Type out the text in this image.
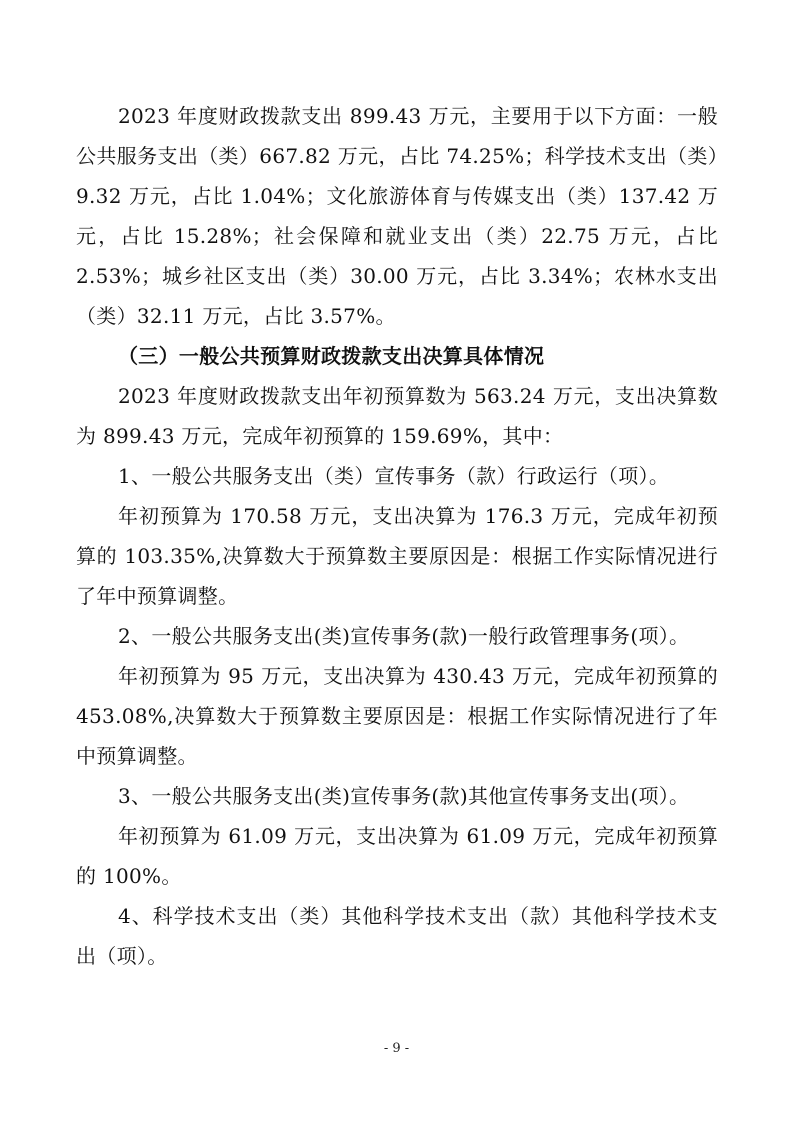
2023 年度财政拨款支出 899.43 万元，主要用于以下方面：一般公共服务支出（类）667.82 万元，占比 74.25%；科学技术支出（类）9.32 万元，占比 1.04%；文化旅游体育与传媒支出（类）137.42 万元，占比 15.28%；社会保障和就业支出（类）22.75 万元，占比 2.53%；城乡社区支出（类）30.00 万元，占比 3.34%；农林水支出（类）32.11 万元，占比 3.57%。

（三）一般公共预算财政拨款支出决算具体情况

2023 年度财政拨款支出年初预算数为 563.24 万元，支出决算数为 899.43 万元，完成年初预算的 159.69%，其中：

1、一般公共服务支出（类）宣传事务（款）行政运行（项）。

年初预算为 170.58 万元，支出决算为 176.3 万元，完成年初预算的 103.35%,决算数大于预算数主要原因是：根据工作实际情况进行了年中预算调整。

2、一般公共服务支出(类)宣传事务(款)一般行政管理事务(项）。

年初预算为 95 万元，支出决算为 430.43 万元，完成年初预算的 453.08%,决算数大于预算数主要原因是：根据工作实际情况进行了年中预算调整。

3、一般公共服务支出(类)宣传事务(款)其他宣传事务支出(项）。

年初预算为 61.09 万元，支出决算为 61.09 万元，完成年初预算的 100%。

4、科学技术支出（类）其他科学技术支出（款）其他科学技术支出（项）。

- 9 -
